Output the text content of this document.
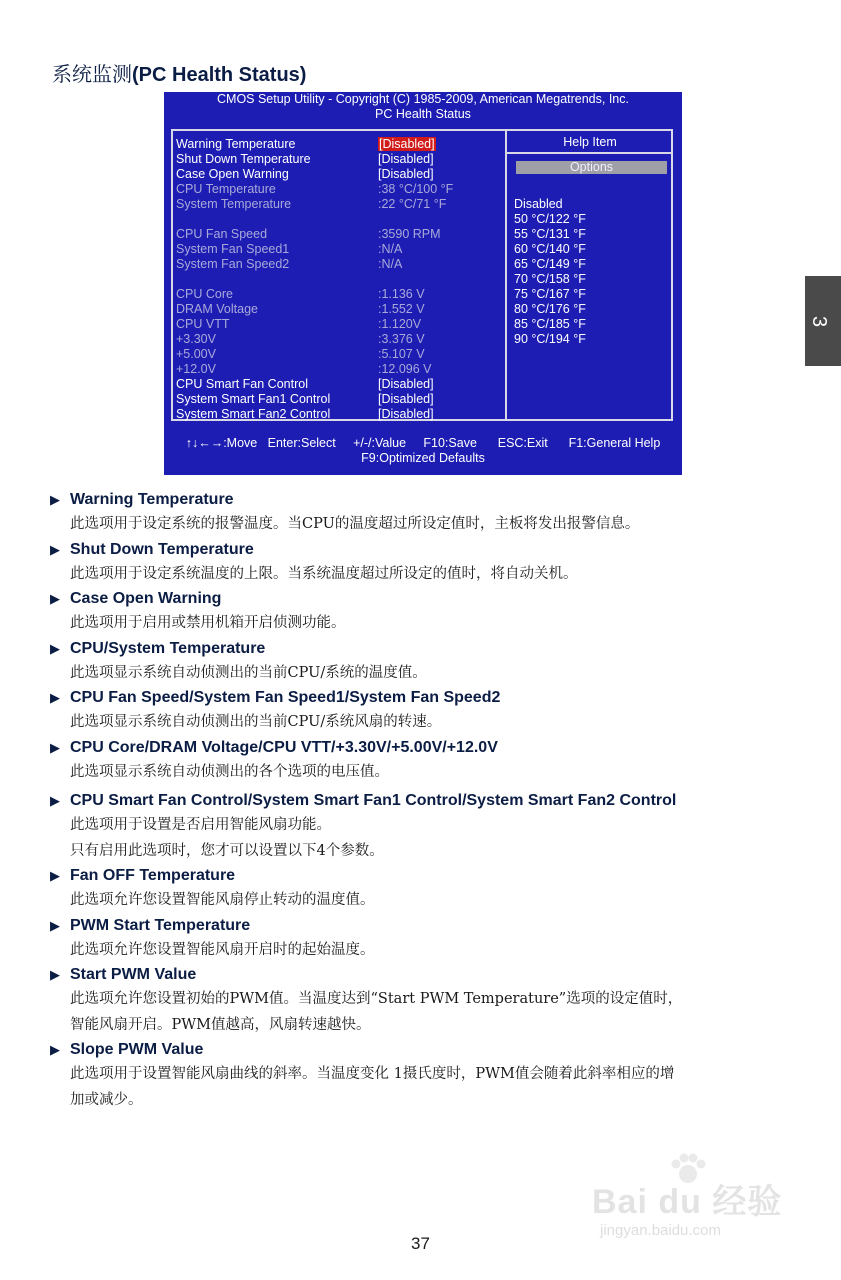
系统监测(PC Health Status)
CMOS Setup Utility - Copyright (C) 1985-2009, American Megatrends, Inc.
PC Health Status
Warning Temperature	[Disabled]
Shut Down Temperature	[Disabled]
Case Open Warning	[Disabled]
CPU Temperature	:38 °C/100 °F
System Temperature	:22 °C/71 °F
CPU Fan Speed	:3590 RPM
System Fan Speed1	:N/A
System Fan Speed2	:N/A
CPU Core	:1.136 V
DRAM Voltage	:1.552 V
CPU VTT	:1.120V
+3.30V	:3.376 V
+5.00V	:5.107 V
+12.0V	:12.096 V
CPU Smart Fan Control	[Disabled]
System Smart Fan1 Control	[Disabled]
System Smart Fan2 Control	[Disabled]
Help Item
Options
Disabled
50 °C/122 °F
55 °C/131 °F
60 °C/140 °F
65 °C/149 °F
70 °C/158 °F
75 °C/167 °F
80 °C/176 °F
85 °C/185 °F
90 °C/194 °F
↑↓←→:Move   Enter:Select     +/-/:Value     F10:Save      ESC:Exit      F1:General Help
F9:Optimized Defaults
3
▶ Warning Temperature
此选项用于设定系统的报警温度。当CPU的温度超过所设定值时，主板将发出报警信息。
▶ Shut Down Temperature
此选项用于设定系统温度的上限。当系统温度超过所设定的值时，将自动关机。
▶ Case Open Warning
此选项用于启用或禁用机箱开启侦测功能。
▶ CPU/System Temperature
此选项显示系统自动侦测出的当前CPU/系统的温度值。
▶ CPU Fan Speed/System Fan Speed1/System Fan Speed2
此选项显示系统自动侦测出的当前CPU/系统风扇的转速。
▶ CPU Core/DRAM Voltage/CPU VTT/+3.30V/+5.00V/+12.0V
此选项显示系统自动侦测出的各个选项的电压值。
▶ CPU Smart Fan Control/System Smart Fan1 Control/System Smart Fan2 Control
此选项用于设置是否启用智能风扇功能。
只有启用此选项时，您才可以设置以下4个参数。
▶ Fan OFF Temperature
此选项允许您设置智能风扇停止转动的温度值。
▶ PWM Start Temperature
此选项允许您设置智能风扇开启时的起始温度。
▶ Start PWM Value
此选项允许您设置初始的PWM值。当温度达到“Start PWM Temperature”选项的设定值时，
智能风扇开启。PWM值越高，风扇转速越快。
▶ Slope PWM Value
此选项用于设置智能风扇曲线的斜率。当温度变化 1摄氏度时，PWM值会随着此斜率相应的增
加或减少。
Bai du 经验
jingyan.baidu.com
37
